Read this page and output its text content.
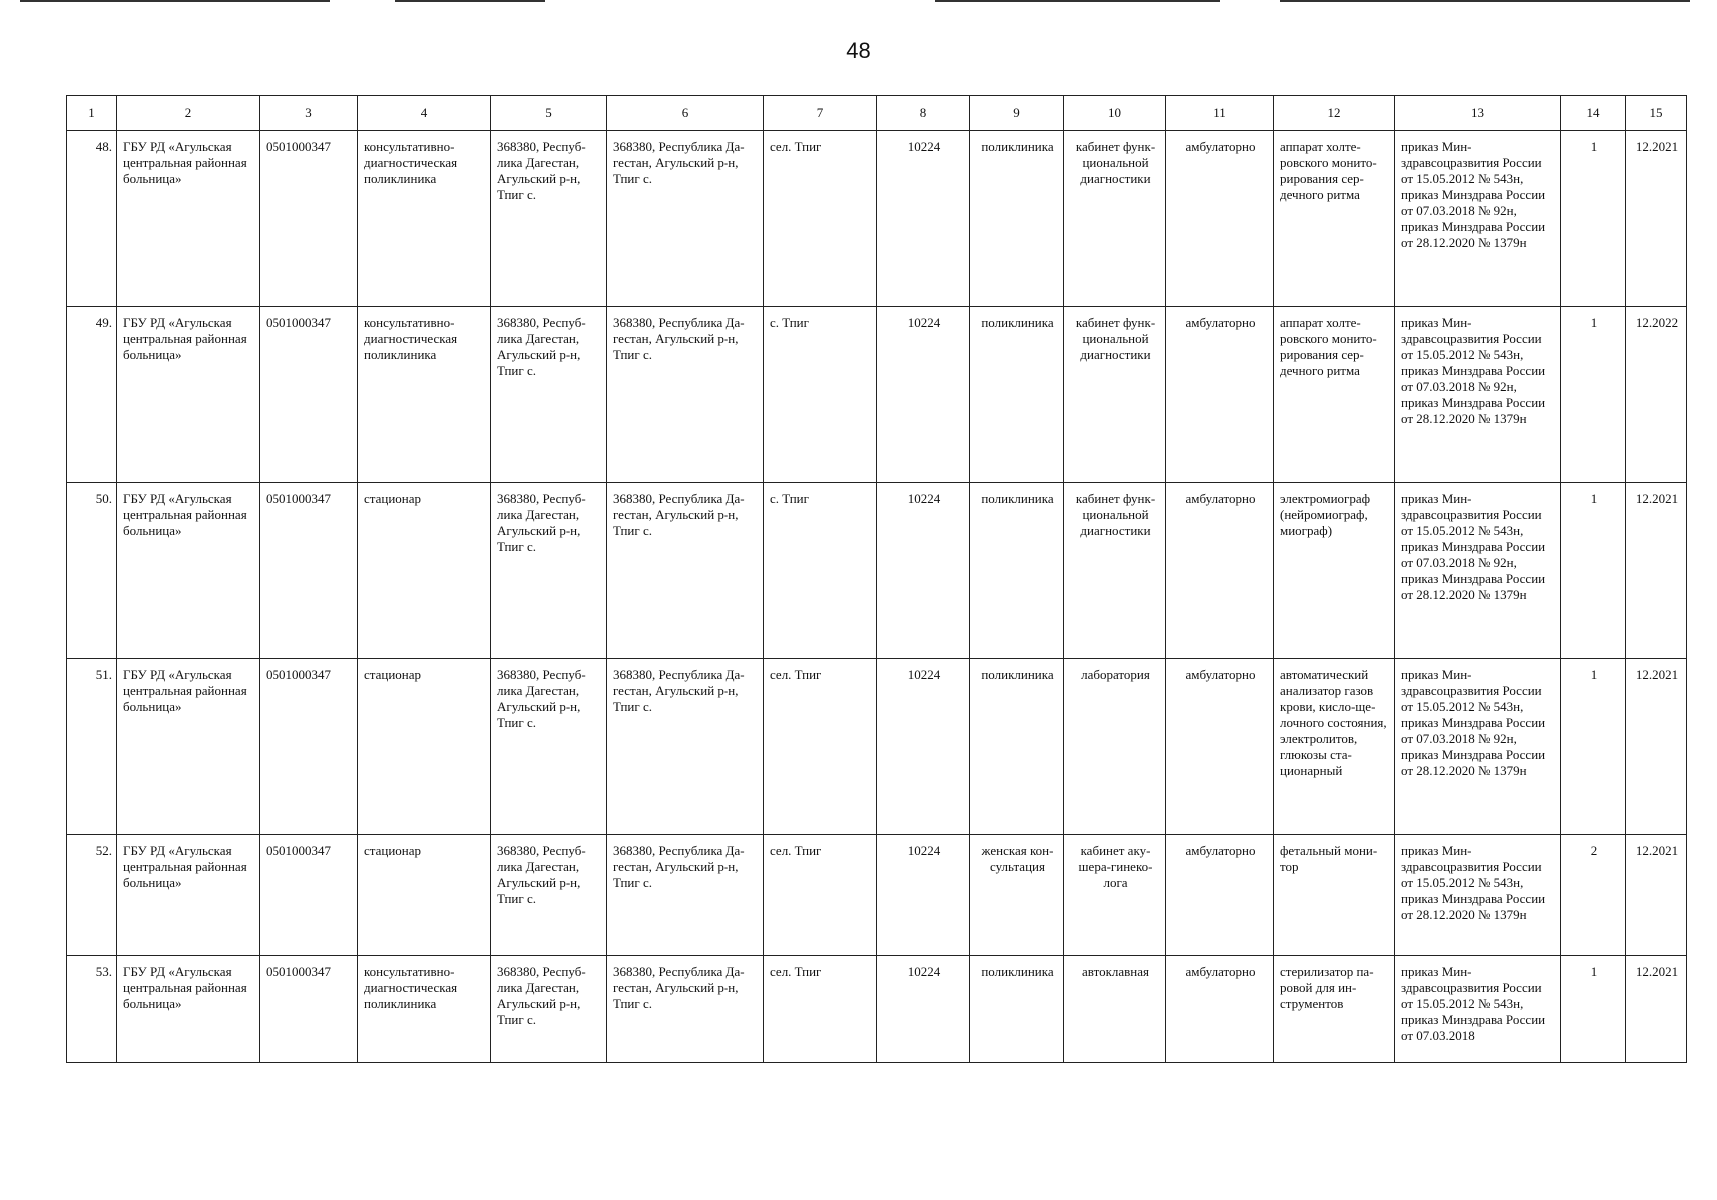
48
1	2	3	4	5	6	7	8	9	10	11	12	13	14	15
48.	ГБУ РД «Агульская центральная районная больница»	0501000347	консультативно-диагностическая поликлиника	368380, Республика Дагестан, Агульский р-н, Тпиг с.	368380, Республика Дагестан, Агульский р-н, Тпиг с.	сел. Тпиг	10224	поликлиника	кабинет функциональной диагностики	амбулаторно	аппарат холтеровского мониторирования сердечного ритма	приказ Минздравсоцразвития России от 15.05.2012 № 543н, приказ Минздрава России от 07.03.2018 № 92н, приказ Минздрава России от 28.12.2020 № 1379н	1	12.2021
49.	ГБУ РД «Агульская центральная районная больница»	0501000347	консультативно-диагностическая поликлиника	368380, Республика Дагестан, Агульский р-н, Тпиг с.	368380, Республика Дагестан, Агульский р-н, Тпиг с.	с. Тпиг	10224	поликлиника	кабинет функциональной диагностики	амбулаторно	аппарат холтеровского мониторирования сердечного ритма	приказ Минздравсоцразвития России от 15.05.2012 № 543н, приказ Минздрава России от 07.03.2018 № 92н, приказ Минздрава России от 28.12.2020 № 1379н	1	12.2022
50.	ГБУ РД «Агульская центральная районная больница»	0501000347	стационар	368380, Республика Дагестан, Агульский р-н, Тпиг с.	368380, Республика Дагестан, Агульский р-н, Тпиг с.	с. Тпиг	10224	поликлиника	кабинет функциональной диагностики	амбулаторно	электромиограф (нейромиограф, миограф)	приказ Минздравсоцразвития России от 15.05.2012 № 543н, приказ Минздрава России от 07.03.2018 № 92н, приказ Минздрава России от 28.12.2020 № 1379н	1	12.2021
51.	ГБУ РД «Агульская центральная районная больница»	0501000347	стационар	368380, Республика Дагестан, Агульский р-н, Тпиг с.	368380, Республика Дагестан, Агульский р-н, Тпиг с.	сел. Тпиг	10224	поликлиника	лаборатория	амбулаторно	автоматический анализатор газов крови, кисло-щелочного состояния, электролитов, глюкозы стационарный	приказ Минздравсоцразвития России от 15.05.2012 № 543н, приказ Минздрава России от 07.03.2018 № 92н, приказ Минздрава России от 28.12.2020 № 1379н	1	12.2021
52.	ГБУ РД «Агульская центральная районная больница»	0501000347	стационар	368380, Республика Дагестан, Агульский р-н, Тпиг с.	368380, Республика Дагестан, Агульский р-н, Тпиг с.	сел. Тпиг	10224	женская консультация	кабинет акушера-гинеколога	амбулаторно	фетальный монитор	приказ Минздравсоцразвития России от 15.05.2012 № 543н, приказ Минздрава России от 28.12.2020 № 1379н	2	12.2021
53.	ГБУ РД «Агульская центральная районная больница»	0501000347	консультативно-диагностическая поликлиника	368380, Республика Дагестан, Агульский р-н, Тпиг с.	368380, Республика Дагестан, Агульский р-н, Тпиг с.	сел. Тпиг	10224	поликлиника	автоклавная	амбулаторно	стерилизатор паровой для инструментов	приказ Минздравсоцразвития России от 15.05.2012 № 543н, приказ Минздрава России от 07.03.2018	1	12.2021
